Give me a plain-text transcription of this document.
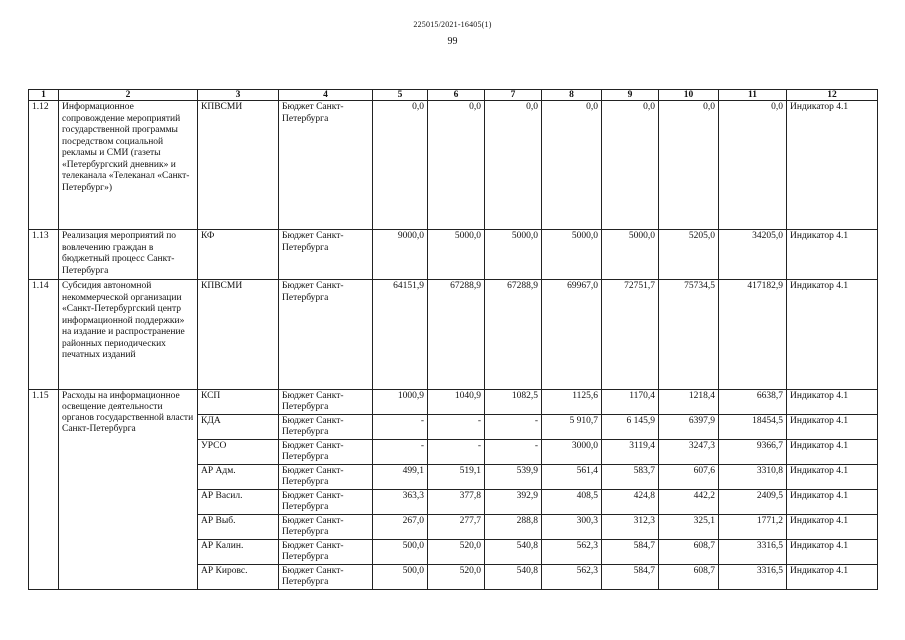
225015/2021-16405(1)
99
1	2	3	4	5	6	7	8	9	10	11	12
1.12	Информационное сопровождение мероприятий государственной программы посредством социальной рекламы и СМИ (газеты «Петербургский дневник» и телеканала «Телеканал «Санкт-Петербург»)	КПВСМИ	Бюджет Санкт-Петербурга	0,0	0,0	0,0	0,0	0,0	0,0	0,0	Индикатор 4.1
1.13	Реализация мероприятий по вовлечению граждан в бюджетный процесс Санкт-Петербурга	КФ	Бюджет Санкт-Петербурга	9000,0	5000,0	5000,0	5000,0	5000,0	5205,0	34205,0	Индикатор 4.1
1.14	Субсидия автономной некоммерческой организации «Санкт-Петербургский центр информационной поддержки» на издание и распространение районных периодических печатных изданий	КПВСМИ	Бюджет Санкт-Петербурга	64151,9	67288,9	67288,9	69967,0	72751,7	75734,5	417182,9	Индикатор 4.1
1.15	Расходы на информационное освещение деятельности органов государственной власти Санкт-Петербурга	КСП	Бюджет Санкт-Петербурга	1000,9	1040,9	1082,5	1125,6	1170,4	1218,4	6638,7	Индикатор 4.1
		КДА	Бюджет Санкт-Петербурга	-	-	-	5 910,7	6 145,9	6397,9	18454,5	Индикатор 4.1
		УРСО	Бюджет Санкт-Петербурга	-	-	-	3000,0	3119,4	3247,3	9366,7	Индикатор 4.1
		АР Адм.	Бюджет Санкт-Петербурга	499,1	519,1	539,9	561,4	583,7	607,6	3310,8	Индикатор 4.1
		АР Васил.	Бюджет Санкт-Петербурга	363,3	377,8	392,9	408,5	424,8	442,2	2409,5	Индикатор 4.1
		АР Выб.	Бюджет Санкт-Петербурга	267,0	277,7	288,8	300,3	312,3	325,1	1771,2	Индикатор 4.1
		АР Калин.	Бюджет Санкт-Петербурга	500,0	520,0	540,8	562,3	584,7	608,7	3316,5	Индикатор 4.1
		АР Кировс.	Бюджет Санкт-Петербурга	500,0	520,0	540,8	562,3	584,7	608,7	3316,5	Индикатор 4.1
